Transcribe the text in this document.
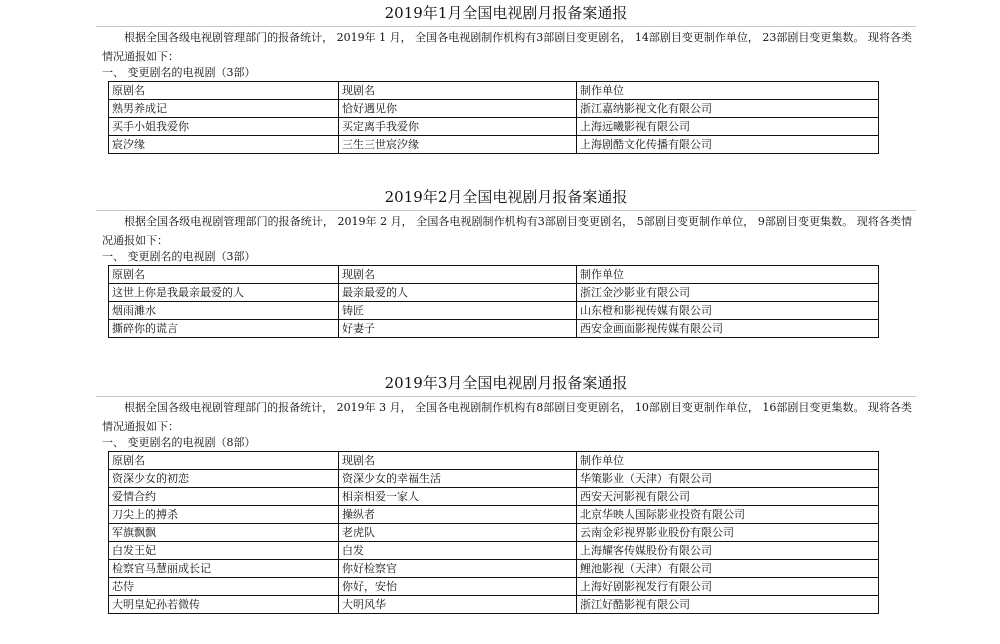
2019年1月全国电视剧月报备案通报

根据全国各级电视剧管理部门的报备统计， 2019年 1 月， 全国各电视剧制作机构有3部剧目变更剧名， 14部剧目变更制作单位， 23部剧目变更集数。 现将各类情况通报如下：

一、 变更剧名的电视剧（3部）

原剧名	现剧名	制作单位
熟男养成记	恰好遇见你	浙江嘉纳影视文化有限公司
买手小姐我爱你	买定离手我爱你	上海远曦影视有限公司
宸汐缘	三生三世宸汐缘	上海剧酷文化传播有限公司
2019年2月全国电视剧月报备案通报

根据全国各级电视剧管理部门的报备统计， 2019年 2 月， 全国各电视剧制作机构有3部剧目变更剧名， 5部剧目变更制作单位， 9部剧目变更集数。 现将各类情况通报如下：

一、 变更剧名的电视剧（3部）

原剧名	现剧名	制作单位
这世上你是我最亲最爱的人	最亲最爱的人	浙江金沙影业有限公司
烟雨濉水	铸匠	山东橙和影视传媒有限公司
撕碎你的谎言	好妻子	西安金画面影视传媒有限公司
2019年3月全国电视剧月报备案通报

根据全国各级电视剧管理部门的报备统计， 2019年 3 月， 全国各电视剧制作机构有8部剧目变更剧名， 10部剧目变更制作单位， 16部剧目变更集数。 现将各类情况通报如下：

一、 变更剧名的电视剧（8部）

原剧名	现剧名	制作单位
资深少女的初恋	资深少女的幸福生活	华策影业（天津）有限公司
爱情合约	相亲相爱一家人	西安天河影视有限公司
刀尖上的搏杀	操纵者	北京华映人国际影业投资有限公司
军旗飘飘	老虎队	云南金彩视界影业股份有限公司
白发王妃	白发	上海耀客传媒股份有限公司
检察官马慧丽成长记	你好检察官	鲤池影视（天津）有限公司
芯侍	你好，安怡	上海好剧影视发行有限公司
大明皇妃孙若微传	大明风华	浙江好酷影视有限公司
